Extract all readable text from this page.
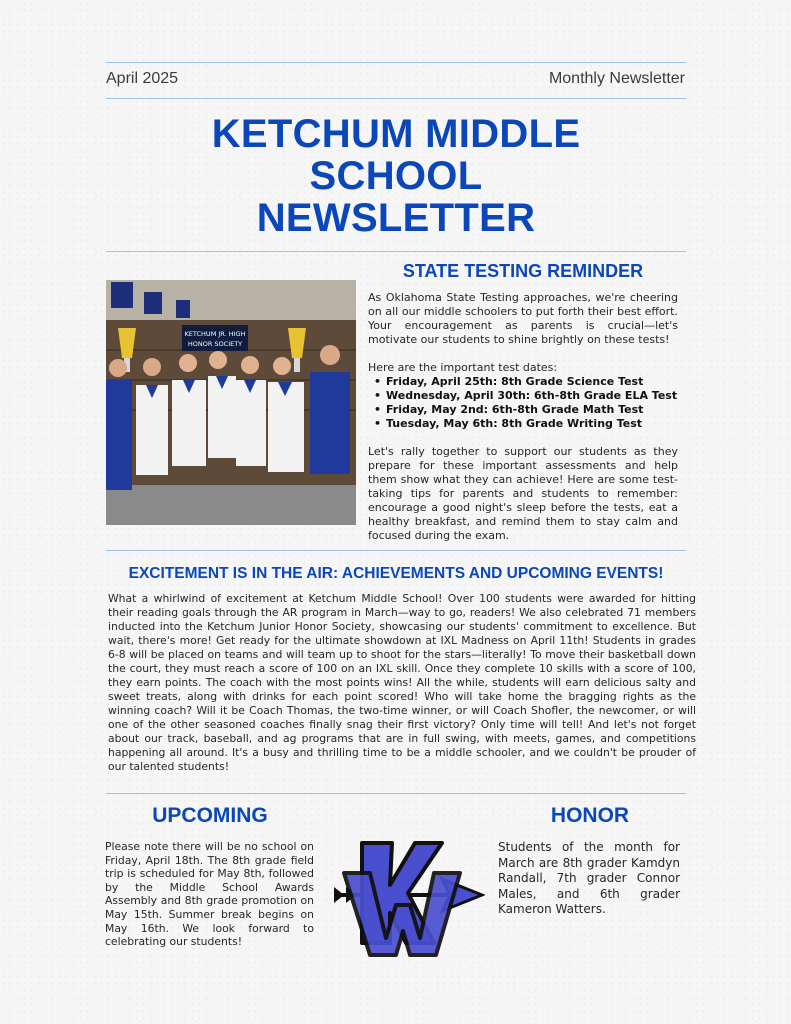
April 2025	Monthly Newsletter
KETCHUM MIDDLE
SCHOOL
NEWSLETTER
KETCHUM JR. HIGH
HONOR SOCIETY
STATE TESTING REMINDER
As Oklahoma State Testing approaches, we're cheering on all our middle schoolers to put forth their best effort. Your encouragement as parents is crucial—let's motivate our students to shine brightly on these tests!
Here are the important test dates:
• Friday, April 25th: 8th Grade Science Test
• Wednesday, April 30th: 6th-8th Grade ELA Test
• Friday, May 2nd: 6th-8th Grade Math Test
• Tuesday, May 6th: 8th Grade Writing Test
Let's rally together to support our students as they prepare for these important assessments and help them show what they can achieve! Here are some test-taking tips for parents and students to remember: encourage a good night's sleep before the tests, eat a healthy breakfast, and remind them to stay calm and focused during the exam.
EXCITEMENT IS IN THE AIR: ACHIEVEMENTS AND UPCOMING EVENTS!
What a whirlwind of excitement at Ketchum Middle School! Over 100 students were awarded for hitting their reading goals through the AR program in March—way to go, readers! We also celebrated 71 members inducted into the Ketchum Junior Honor Society, showcasing our students' commitment to excellence. But wait, there's more! Get ready for the ultimate showdown at IXL Madness on April 11th! Students in grades 6-8 will be placed on teams and will team up to shoot for the stars—literally! To move their basketball down the court, they must reach a score of 100 on an IXL skill. Once they complete 10 skills with a score of 100, they earn points. The coach with the most points wins! All the while, students will earn delicious salty and sweet treats, along with drinks for each point scored! Who will take home the bragging rights as the winning coach? Will it be Coach Thomas, the two-time winner, or will Coach Shofler, the newcomer, or will one of the other seasoned coaches finally snag their first victory? Only time will tell! And let's not forget about our track, baseball, and ag programs that are in full swing, with meets, games, and competitions happening all around. It's a busy and thrilling time to be a middle schooler, and we couldn't be prouder of our talented students!
UPCOMING
Please note there will be no school on Friday, April 18th. The 8th grade field trip is scheduled for May 8th, followed by the Middle School Awards Assembly and 8th grade promotion on May 15th. Summer break begins on May 16th. We look forward to celebrating our students!
HONOR
Students of the month for March are 8th grader Kamdyn Randall, 7th grader Connor Males, and 6th grader Kameron Watters.
